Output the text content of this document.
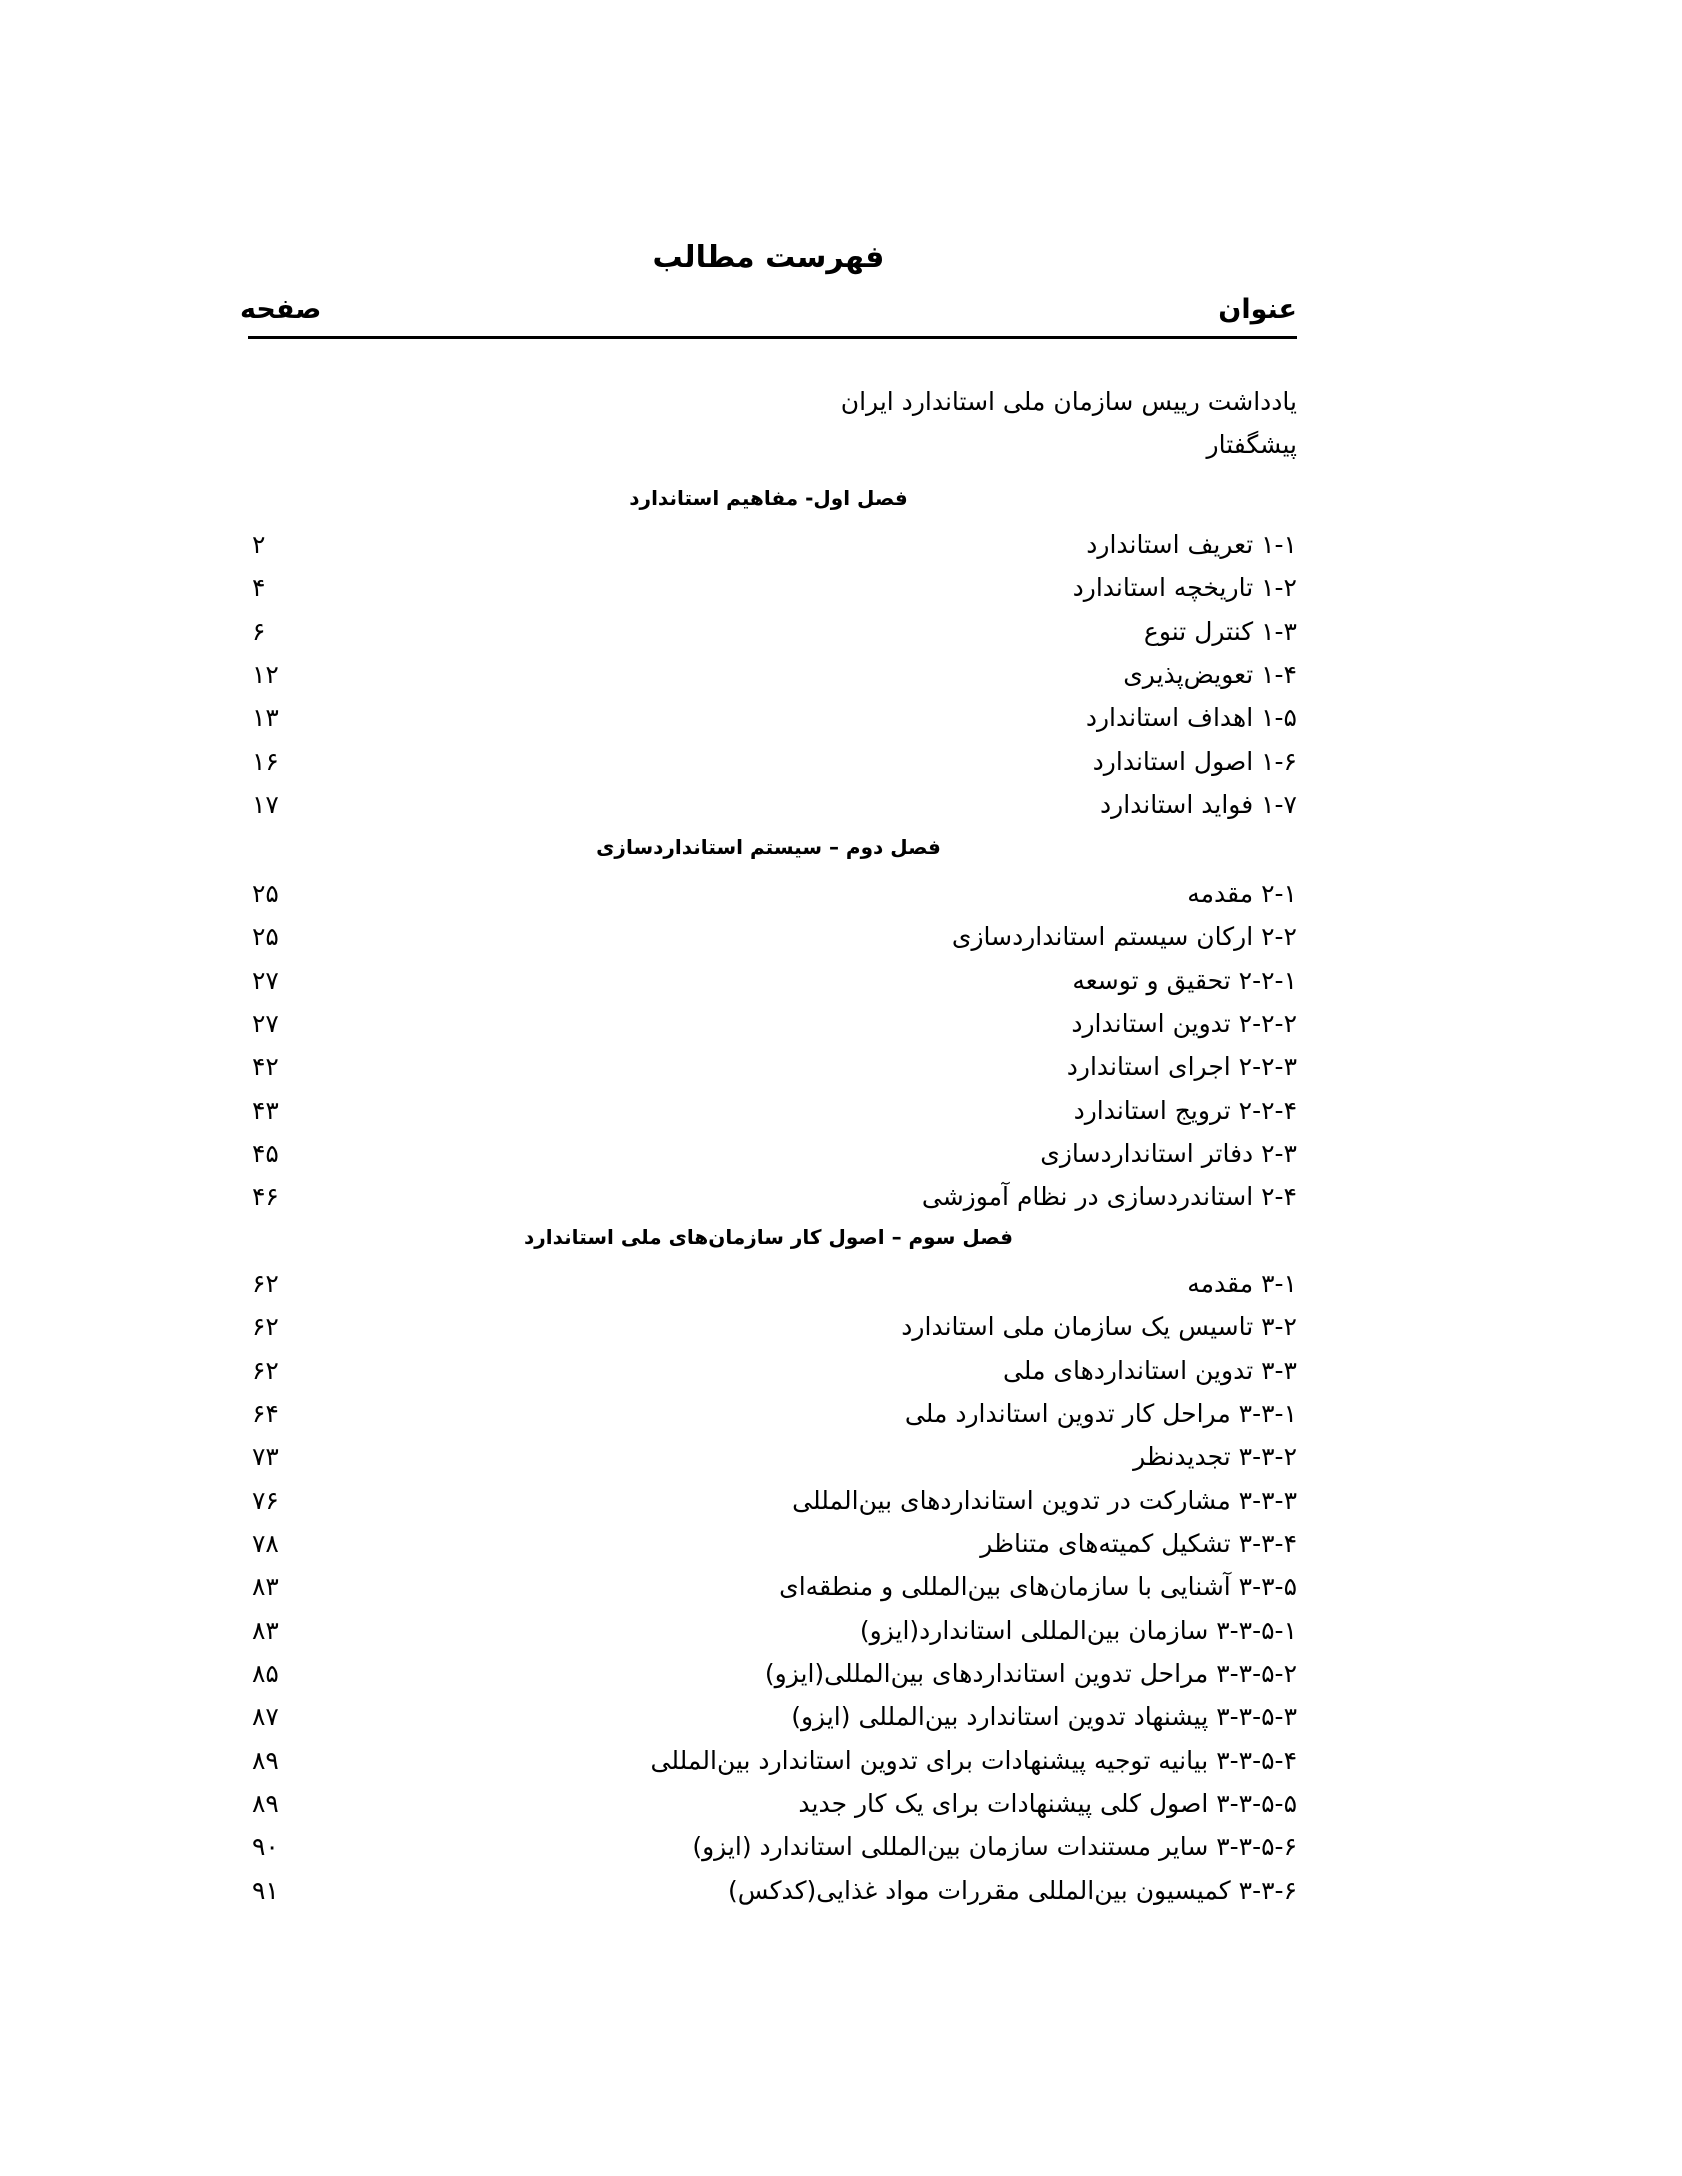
فهرست مطالب
عنوان
صفحه
یادداشت رییس سازمان ملی استاندارد ایران
پیشگفتار
فصل اول- مفاهیم استاندارد
۱-۱ تعریف استاندارد
۲
۱-۲ تاریخچه استاندارد
۴
۱-۳ کنترل تنوع
۶
۱-۴ تعویض‌پذیری
۱۲
۱-۵ اهداف استاندارد
۱۳
۱-۶ اصول استاندارد
۱۶
۱-۷ فواید استاندارد
۱۷
فصل دوم – سیستم استانداردسازی
۲-۱ مقدمه
۲۵
۲-۲ ارکان سیستم استانداردسازی
۲۵
۲-۲-۱ تحقیق و توسعه
۲۷
۲-۲-۲ تدوین استاندارد
۲۷
۲-۲-۳ اجرای استاندارد
۴۲
۲-۲-۴ ترویج استاندارد
۴۳
۲-۳ دفاتر استانداردسازی
۴۵
۲-۴ استاندردسازی در نظام آموزشی
۴۶
فصل سوم – اصول کار سازمان‌های ملی استاندارد
۳-۱ مقدمه
۶۲
۳-۲ تاسیس یک سازمان ملی استاندارد
۶۲
۳-۳ تدوین استانداردهای ملی
۶۲
۳-۳-۱ مراحل کار تدوین استاندارد ملی
۶۴
۳-۳-۲ تجدیدنظر
۷۳
۳-۳-۳ مشارکت در تدوین استانداردهای بین‌المللی
۷۶
۳-۳-۴ تشکیل کمیته‌های متناظر
۷۸
۳-۳-۵ آشنایی با سازمان‌های بین‌المللی و منطقه‌ای
۸۳
۳-۳-۵-۱ سازمان بین‌المللی استاندارد(ایزو)
۸۳
۳-۳-۵-۲ مراحل تدوین استانداردهای بین‌المللی(ایزو)
۸۵
۳-۳-۵-۳ پیشنهاد تدوین استاندارد بین‌المللی (ایزو)
۸۷
۳-۳-۵-۴ بیانیه توجیه پیشنهادات برای تدوین استاندارد بین‌المللی
۸۹
۳-۳-۵-۵ اصول کلی پیشنهادات برای یک کار جدید
۸۹
۳-۳-۵-۶ سایر مستندات سازمان بین‌المللی استاندارد (ایزو)
۹۰
۳-۳-۶ کمیسیون بین‌المللی مقررات مواد غذایی(کدکس)
۹۱
